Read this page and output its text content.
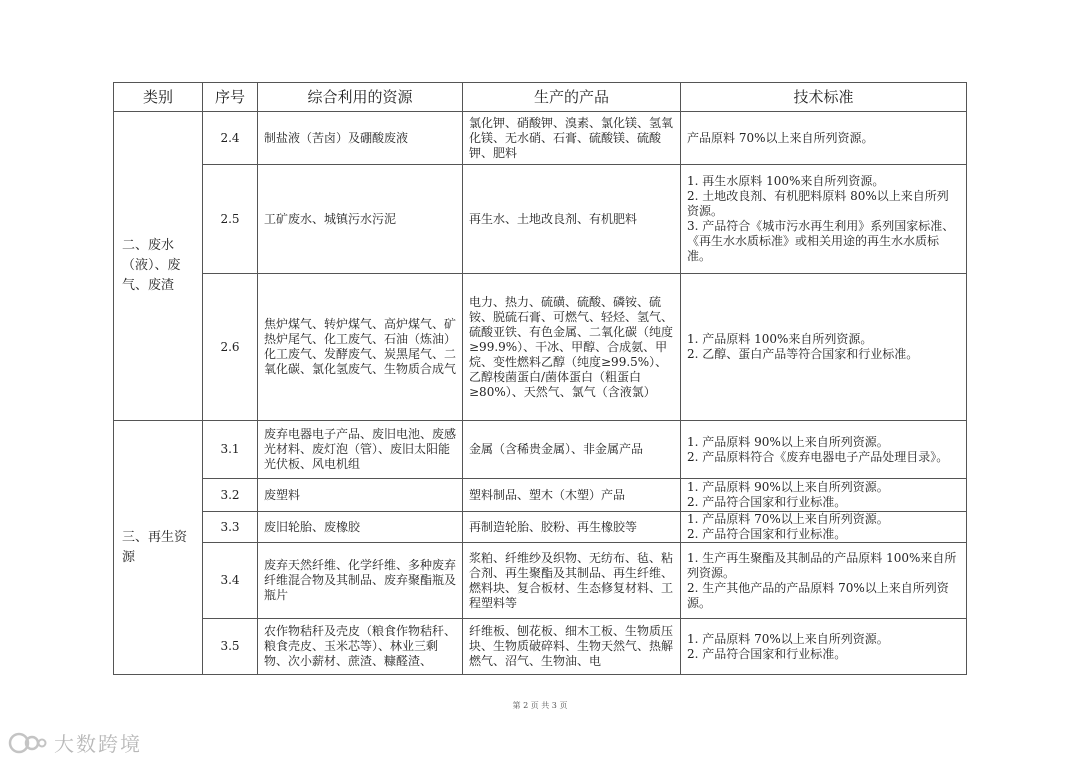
类别	序号	综合利用的资源	生产的产品	技术标准
二、废水（液）、废气、废渣	2.4	制盐液（苦卤）及硼酸废液	氯化钾、硝酸钾、溴素、氯化镁、氢氧化镁、无水硝、石膏、硫酸镁、硫酸钾、肥料	产品原料 70%以上来自所列资源。
	2.5	工矿废水、城镇污水污泥	再生水、土地改良剂、有机肥料	1. 再生水原料 100%来自所列资源。
2. 土地改良剂、有机肥料原料 80%以上来自所列资源。
3. 产品符合《城市污水再生利用》系列国家标准、《再生水水质标准》或相关用途的再生水水质标准。
	2.6	焦炉煤气、转炉煤气、高炉煤气、矿热炉尾气、化工废气、石油（炼油）化工废气、发酵废气、炭黑尾气、二氧化碳、氯化氢废气、生物质合成气	电力、热力、硫磺、硫酸、磷铵、硫铵、脱硫石膏、可燃气、轻烃、氢气、硫酸亚铁、有色金属、二氧化碳（纯度≥99.9%）、干冰、甲醇、合成氨、甲烷、变性燃料乙醇（纯度≥99.5%）、乙醇梭菌蛋白/菌体蛋白（粗蛋白≥80%）、天然气、氯气（含液氯）	1. 产品原料 100%来自所列资源。
2. 乙醇、蛋白产品等符合国家和行业标准。
三、再生资源	3.1	废弃电器电子产品、废旧电池、废感光材料、废灯泡（管）、废旧太阳能光伏板、风电机组	金属（含稀贵金属）、非金属产品	1. 产品原料 90%以上来自所列资源。
2. 产品原料符合《废弃电器电子产品处理目录》。
	3.2	废塑料	塑料制品、塑木（木塑）产品	1. 产品原料 90%以上来自所列资源。
2. 产品符合国家和行业标准。
	3.3	废旧轮胎、废橡胶	再制造轮胎、胶粉、再生橡胶等	1. 产品原料 70%以上来自所列资源。
2. 产品符合国家和行业标准。
	3.4	废弃天然纤维、化学纤维、多种废弃纤维混合物及其制品、废弃聚酯瓶及瓶片	浆粕、纤维纱及织物、无纺布、毡、粘合剂、再生聚酯及其制品、再生纤维、燃料块、复合板材、生态修复材料、工程塑料等	1. 生产再生聚酯及其制品的产品原料 100%来自所列资源。
2. 生产其他产品的产品原料 70%以上来自所列资源。
	3.5	农作物秸秆及壳皮（粮食作物秸秆、粮食壳皮、玉米芯等）、林业三剩物、次小薪材、蔗渣、糠醛渣、	纤维板、刨花板、细木工板、生物质压块、生物质破碎料、生物天然气、热解燃气、沼气、生物油、电	1. 产品原料 70%以上来自所列资源。
2. 产品符合国家和行业标准。
第 2 页 共 3 页
大数跨境
